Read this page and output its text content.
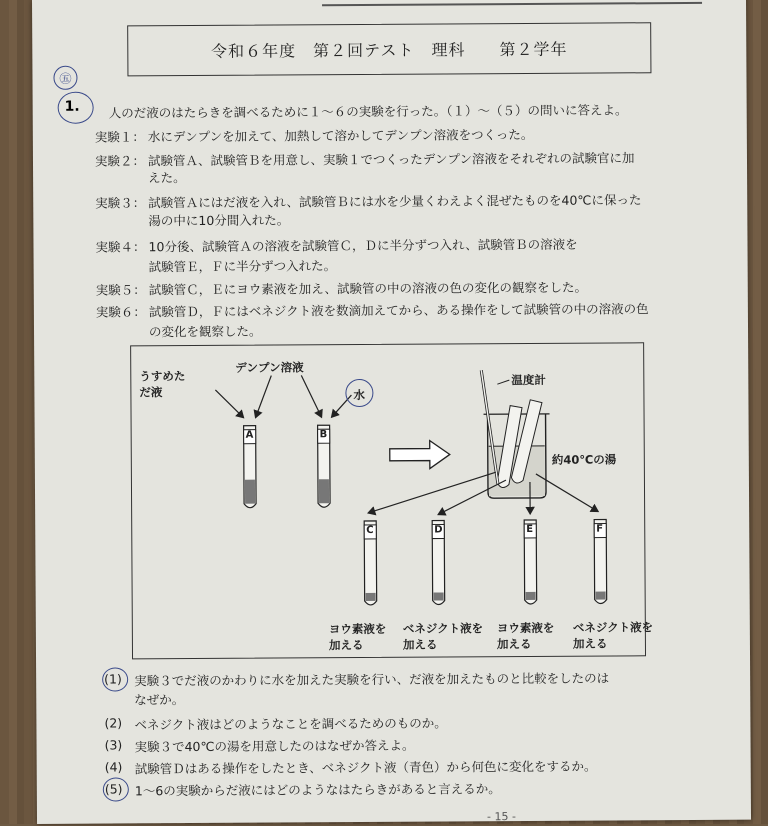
令和６年度　第２回テスト　理科　　第２学年
㊄
1. 人のだ液のはたらきを調べるために１～６の実験を行った。（１）～（５）の問いに答えよ。
実験１： 水にデンプンを加えて、加熱して溶かしてデンプン溶液をつくった。
実験２： 試験管Ａ、試験管Ｂを用意し、実験１でつくったデンプン溶液をそれぞれの試験官に加
えた。
実験３： 試験管Ａにはだ液を入れ、試験管Ｂには水を少量くわえよく混ぜたものを40℃に保った
湯の中に10分間入れた。
実験４： 10分後、試験管Ａの溶液を試験管Ｃ，Ｄに半分ずつ入れ、試験管Ｂの溶液を
試験管Ｅ，Ｆに半分ずつ入れた。
実験５： 試験管Ｃ，Ｅにヨウ素液を加え、試験管の中の溶液の色の変化の観察をした。
実験６： 試験管Ｄ，Ｆにはベネジクト液を数滴加えてから、ある操作をして試験管の中の溶液の色
の変化を観察した。
A	B
C	D	E	F
うすめた
だ液
デンプン溶液
水
温度計
約40℃の湯
ヨウ素液を
加える
ベネジクト液を
加える
ヨウ素液を
加える
ベネジクト液を
加える
(1) 実験３でだ液のかわりに水を加えた実験を行い、だ液を加えたものと比較をしたのは
なぜか。
(2) ベネジクト液はどのようなことを調べるためのものか。
(3) 実験３で40℃の湯を用意したのはなぜか答えよ。
(4) 試験管Ｄはある操作をしたとき、ベネジクト液（青色）から何色に変化をするか。
(5) 1～6の実験からだ液にはどのようなはたらきがあると言えるか。
- 15 -
